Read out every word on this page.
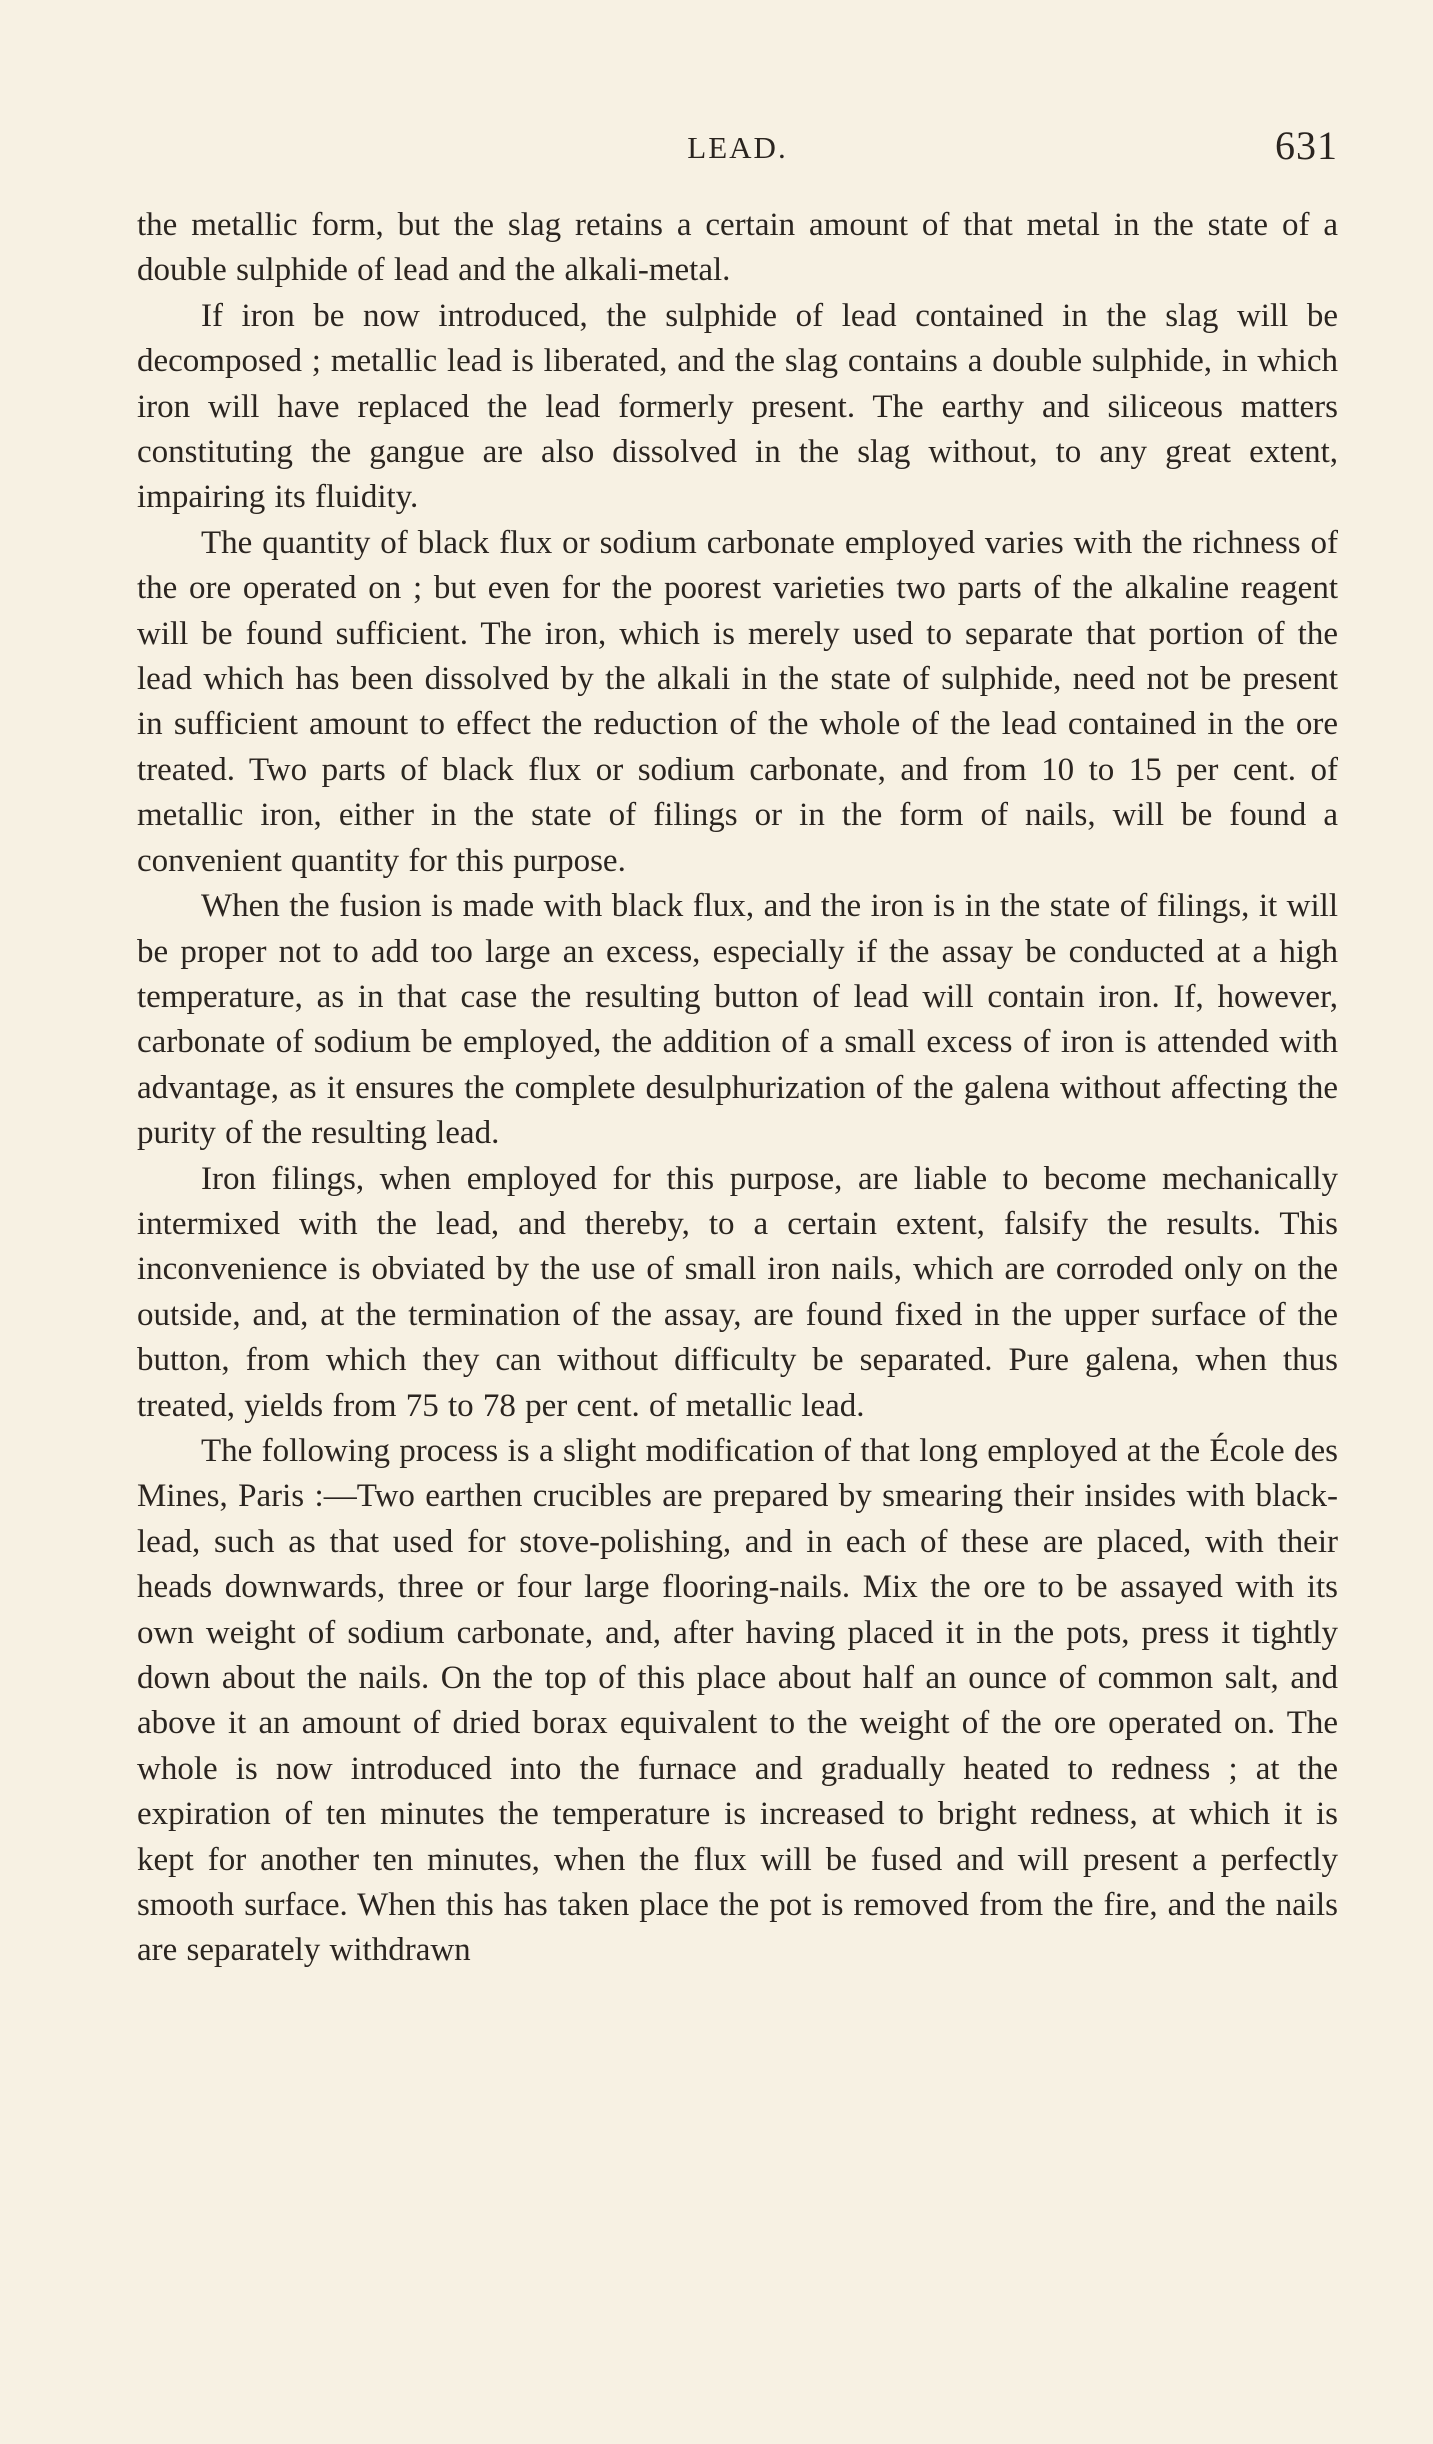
LEAD.	631

the metallic form, but the slag retains a certain amount of that metal in the state of a double sulphide of lead and the alkali-metal.

If iron be now introduced, the sulphide of lead contained in the slag will be decomposed ; metallic lead is liberated, and the slag contains a double sulphide, in which iron will have replaced the lead formerly present. The earthy and siliceous matters constituting the gangue are also dissolved in the slag without, to any great extent, impairing its fluidity.

The quantity of black flux or sodium carbonate employed varies with the richness of the ore operated on ; but even for the poorest varieties two parts of the alkaline reagent will be found sufficient. The iron, which is merely used to separate that portion of the lead which has been dissolved by the alkali in the state of sulphide, need not be present in sufficient amount to effect the reduction of the whole of the lead contained in the ore treated. Two parts of black flux or sodium carbonate, and from 10 to 15 per cent. of metallic iron, either in the state of filings or in the form of nails, will be found a convenient quantity for this purpose.

When the fusion is made with black flux, and the iron is in the state of filings, it will be proper not to add too large an excess, especially if the assay be conducted at a high temperature, as in that case the resulting button of lead will contain iron. If, however, carbonate of sodium be employed, the addition of a small excess of iron is attended with advantage, as it ensures the complete desulphurization of the galena without affecting the purity of the resulting lead.

Iron filings, when employed for this purpose, are liable to become mechanically intermixed with the lead, and thereby, to a certain extent, falsify the results. This inconvenience is obviated by the use of small iron nails, which are corroded only on the outside, and, at the termination of the assay, are found fixed in the upper surface of the button, from which they can without difficulty be separated. Pure galena, when thus treated, yields from 75 to 78 per cent. of metallic lead.

The following process is a slight modification of that long employed at the École des Mines, Paris :—Two earthen crucibles are prepared by smearing their insides with black-lead, such as that used for stove-polishing, and in each of these are placed, with their heads downwards, three or four large flooring-nails. Mix the ore to be assayed with its own weight of sodium carbonate, and, after having placed it in the pots, press it tightly down about the nails. On the top of this place about half an ounce of common salt, and above it an amount of dried borax equivalent to the weight of the ore operated on. The whole is now introduced into the furnace and gradually heated to redness ; at the expiration of ten minutes the temperature is increased to bright redness, at which it is kept for another ten minutes, when the flux will be fused and will present a perfectly smooth surface. When this has taken place the pot is removed from the fire, and the nails are separately withdrawn
